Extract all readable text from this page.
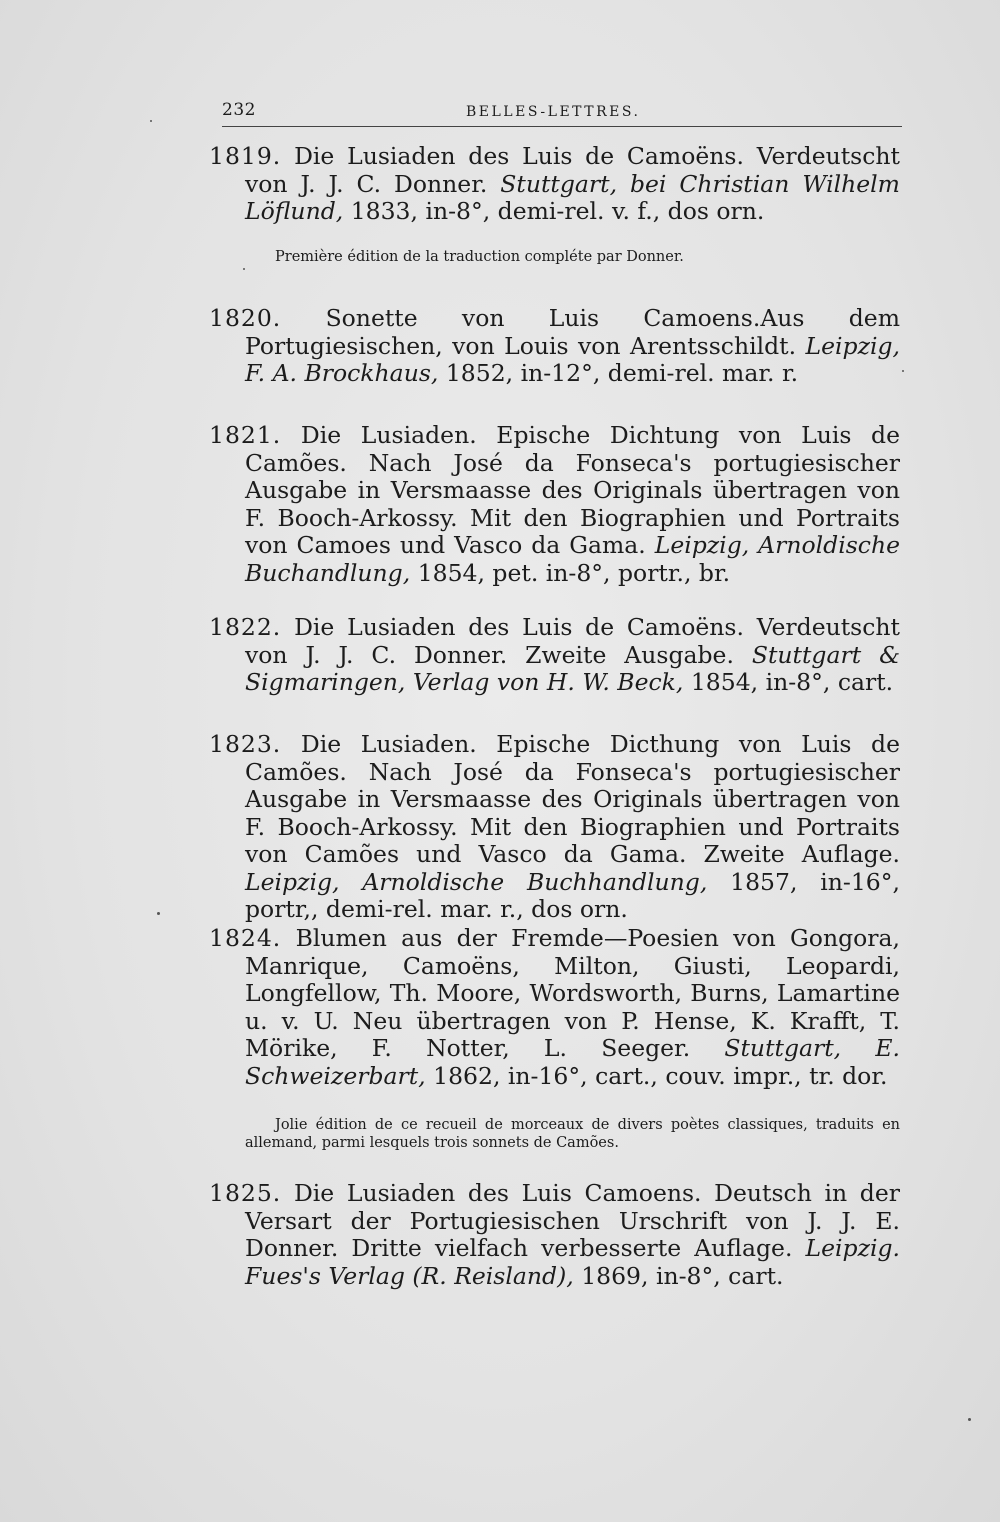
232	BELLES-LETTRES.

1819. Die Lusiaden des Luis de Camoëns. Verdeutscht von J. J. C. Donner. Stuttgart, bei Christian Wilhelm Löflund, 1833, in-8°, demi-rel. v. f., dos orn.

Première édition de la traduction compléte par Donner.

1820. Sonette von Luis Camoens.Aus dem Portugiesischen, von Louis von Arentsschildt. Leipzig, F. A. Brockhaus, 1852, in-12°, demi-rel. mar. r.

1821. Die Lusiaden. Epische Dichtung von Luis de Camões. Nach José da Fonseca's portugiesischer Ausgabe in Versmaasse des Originals übertragen von F. Booch-Arkossy. Mit den Biographien und Portraits von Camoes und Vasco da Gama. Leipzig, Arnoldische Buchandlung, 1854, pet. in-8°, portr., br.

1822. Die Lusiaden des Luis de Camoëns. Verdeutscht von J. J. C. Donner. Zweite Ausgabe. Stuttgart & Sigmaringen, Verlag von H. W. Beck, 1854, in-8°, cart.

1823. Die Lusiaden. Epische Dicthung von Luis de Camões. Nach José da Fonseca's portugiesischer Ausgabe in Versmaasse des Originals übertragen von F. Booch-Arkossy. Mit den Biographien und Portraits von Camões und Vasco da Gama. Zweite Auflage. Leipzig, Arnoldische Buchhandlung, 1857, in-16°, portr,, demi-rel. mar. r., dos orn.

1824. Blumen aus der Fremde—Poesien von Gongora, Manrique, Camoëns, Milton, Giusti, Leopardi, Longfellow, Th. Moore, Wordsworth, Burns, Lamartine u. v. U. Neu übertragen von P. Hense, K. Krafft, T. Mörike, F. Notter, L. Seeger. Stuttgart, E. Schweizerbart, 1862, in-16°, cart., couv. impr., tr. dor.

Jolie édition de ce recueil de morceaux de divers poètes classiques, traduits en allemand, parmi lesquels trois sonnets de Camões.

1825. Die Lusiaden des Luis Camoens. Deutsch in der Versart der Portugiesischen Urschrift von J. J. E. Donner. Dritte vielfach verbesserte Auflage. Leipzig. Fues's Verlag (R. Reisland), 1869, in-8°, cart.
